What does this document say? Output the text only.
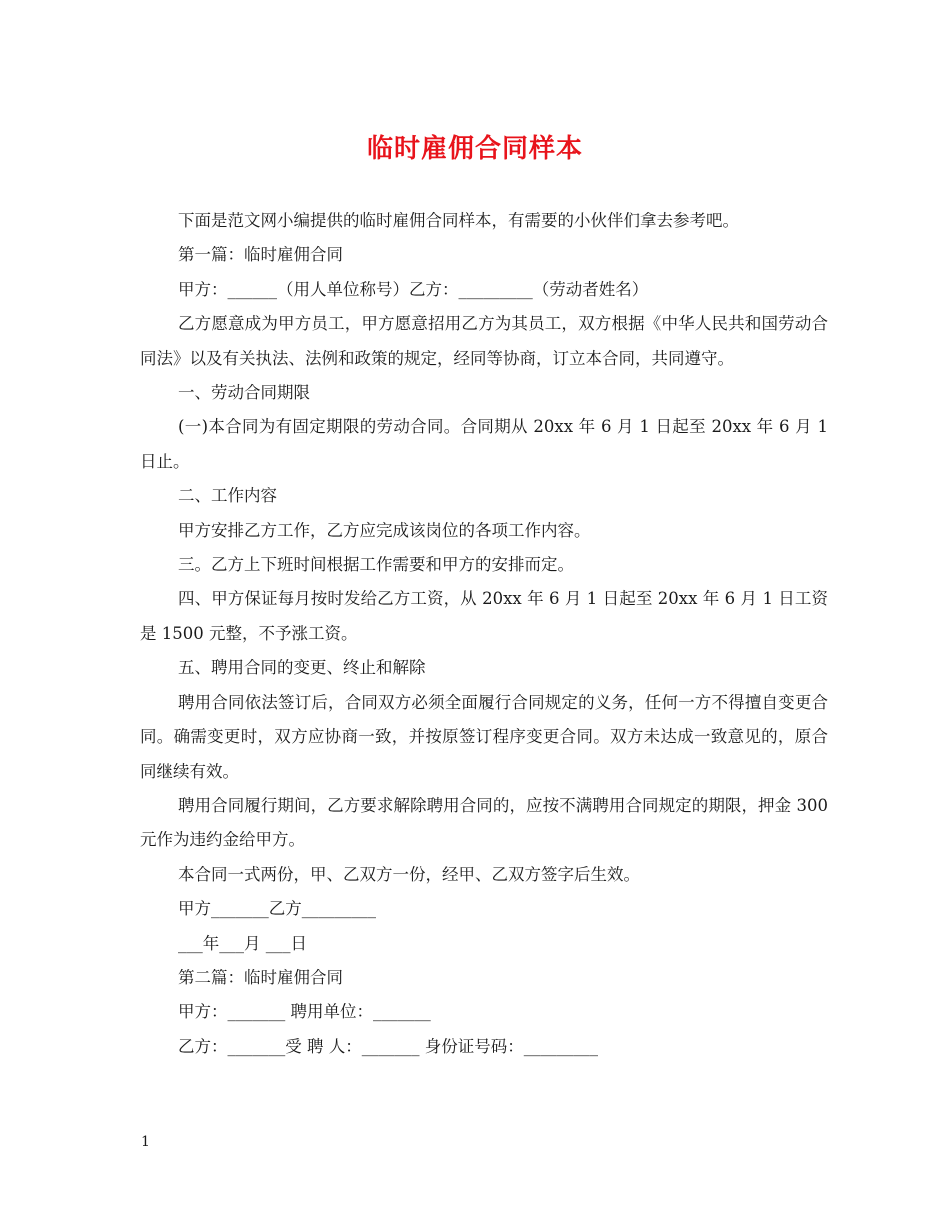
临时雇佣合同样本

下面是范文网小编提供的临时雇佣合同样本，有需要的小伙伴们拿去参考吧。

第一篇：临时雇佣合同

甲方：______（用人单位称号）乙方：_________（劳动者姓名）

乙方愿意成为甲方员工，甲方愿意招用乙方为其员工，双方根据《中华人民共和国劳动合同法》以及有关执法、法例和政策的规定，经同等协商，订立本合同，共同遵守。

一、劳动合同期限

(一)本合同为有固定期限的劳动合同。合同期从 20xx 年 6 月 1 日起至 20xx 年 6 月 1 日止。

二、工作内容

甲方安排乙方工作，乙方应完成该岗位的各项工作内容。

三。乙方上下班时间根据工作需要和甲方的安排而定。

四、甲方保证每月按时发给乙方工资，从 20xx 年 6 月 1 日起至 20xx 年 6 月 1 日工资是 1500 元整，不予涨工资。

五、聘用合同的变更、终止和解除

聘用合同依法签订后，合同双方必须全面履行合同规定的义务，任何一方不得擅自变更合同。确需变更时，双方应协商一致，并按原签订程序变更合同。双方未达成一致意见的，原合同继续有效。

聘用合同履行期间，乙方要求解除聘用合同的，应按不满聘用合同规定的期限，押金 300 元作为违约金给甲方。

本合同一式两份，甲、乙双方一份，经甲、乙双方签字后生效。

甲方_______乙方_________

___年___月 ___日

第二篇：临时雇佣合同

甲方：_______ 聘用单位：_______

乙方：_______受 聘 人：_______ 身份证号码：_________

1
